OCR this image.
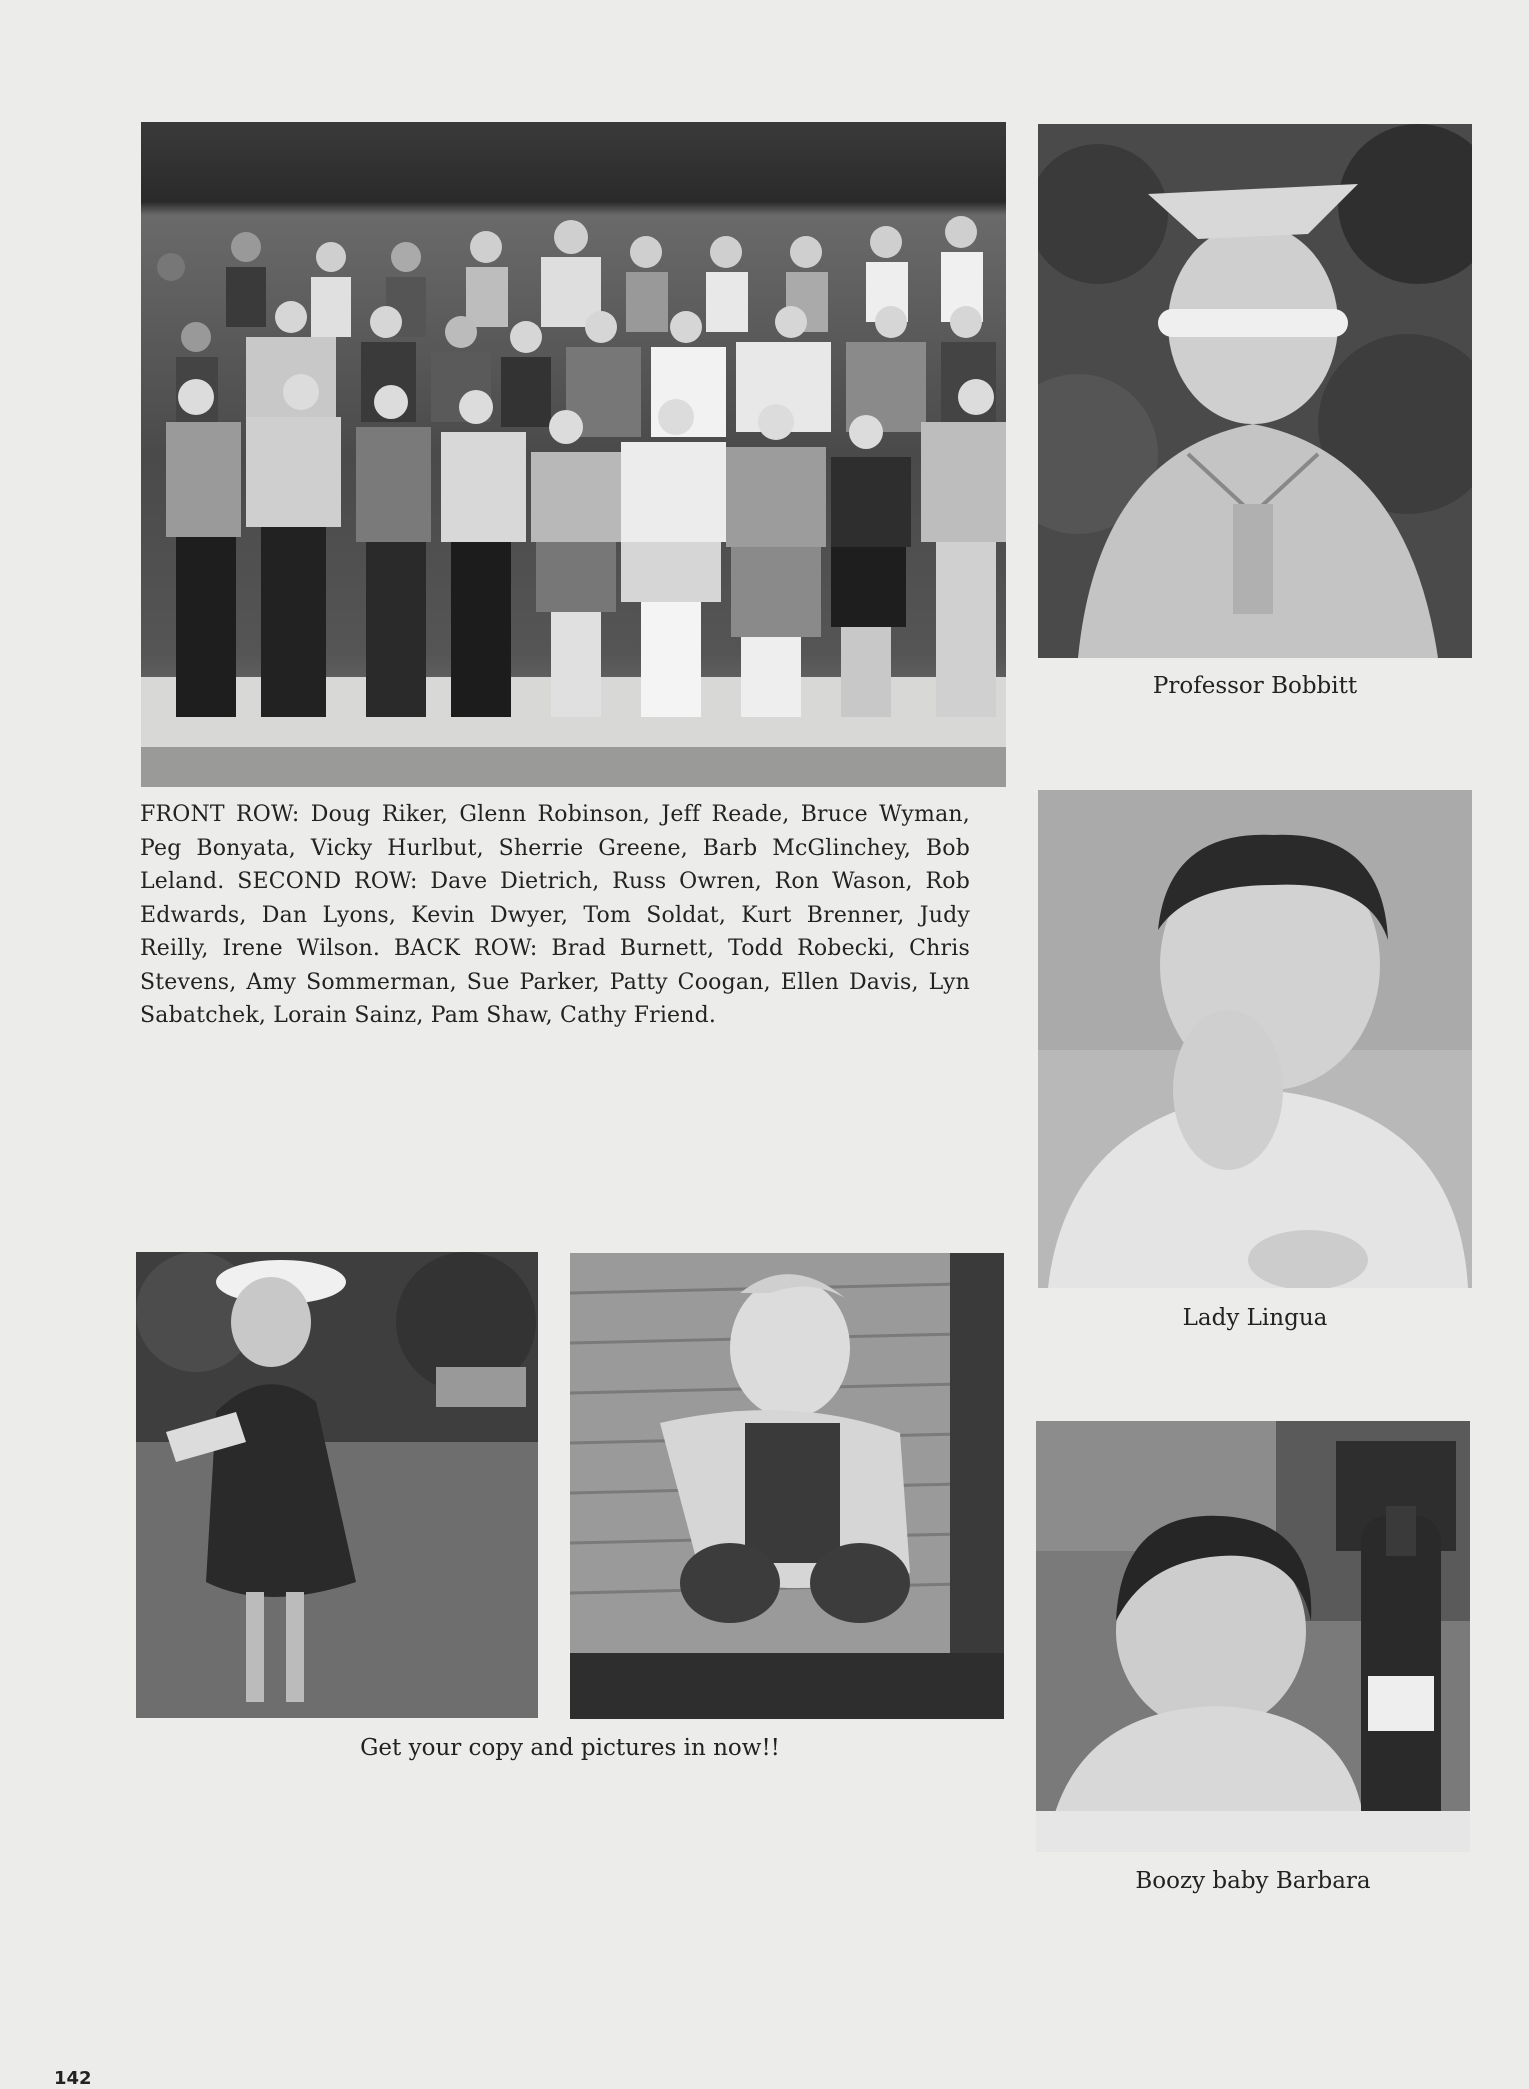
Professor Bobbitt
Lady Lingua
FRONT ROW: Doug Riker, Glenn Robinson, Jeff Reade, Bruce Wyman, Peg Bonyata, Vicky Hurlbut, Sherrie Greene, Barb McGlinchey, Bob Leland. SECOND ROW: Dave Dietrich, Russ Owren, Ron Wason, Rob Edwards, Dan Lyons, Kevin Dwyer, Tom Soldat, Kurt Brenner, Judy Reilly, Irene Wilson. BACK ROW: Brad Burnett, Todd Robecki, Chris Stevens, Amy Sommerman, Sue Parker, Patty Coogan, Ellen Davis, Lyn Sabatchek, Lorain Sainz, Pam Shaw, Cathy Friend.
Get your copy and pictures in now!!
Boozy baby Barbara
142
